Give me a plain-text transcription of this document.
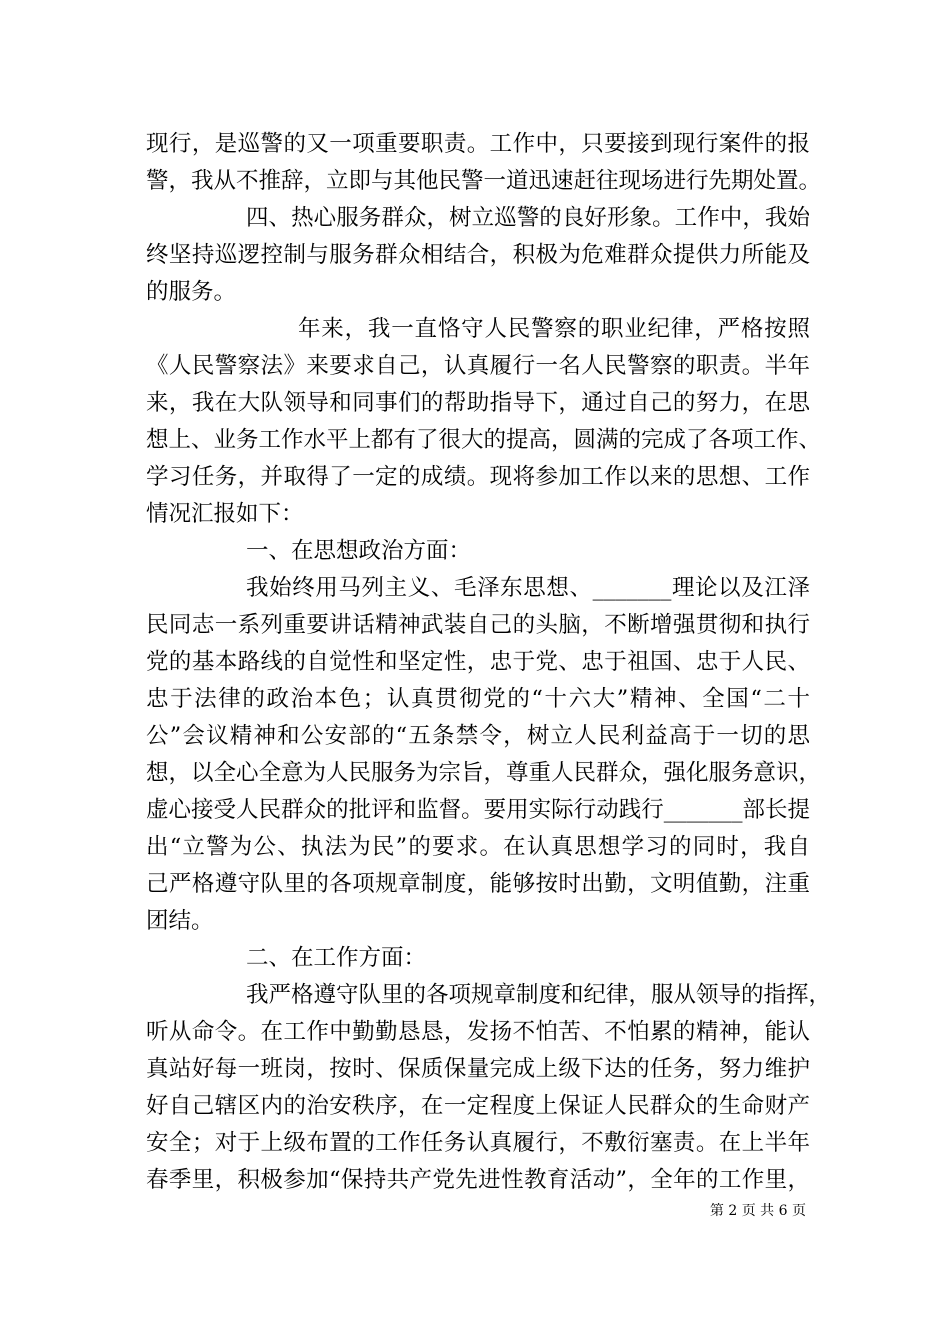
现行，是巡警的又一项重要职责。工作中，只要接到现行案件的报
警，我从不推辞，立即与其他民警一道迅速赶往现场进行先期处置。
四、热心服务群众，树立巡警的良好形象。工作中，我始
终坚持巡逻控制与服务群众相结合，积极为危难群众提供力所能及
的服务。
年来，我一直恪守人民警察的职业纪律，严格按照
《人民警察法》来要求自己，认真履行一名人民警察的职责。半年
来，我在大队领导和同事们的帮助指导下，通过自己的努力，在思
想上、业务工作水平上都有了很大的提高，圆满的完成了各项工作、
学习任务，并取得了一定的成绩。现将参加工作以来的思想、工作
情况汇报如下：
一、在思想政治方面：
我始终用马列主义、毛泽东思想、_______理论以及江泽
民同志一系列重要讲话精神武装自己的头脑，不断增强贯彻和执行
党的基本路线的自觉性和坚定性，忠于党、忠于祖国、忠于人民、
忠于法律的政治本色；认真贯彻党的“十六大”精神、全国“二十
公”会议精神和公安部的“五条禁令，树立人民利益高于一切的思
想，以全心全意为人民服务为宗旨，尊重人民群众，强化服务意识，
虚心接受人民群众的批评和监督。要用实际行动践行_______部长提
出“立警为公、执法为民”的要求。在认真思想学习的同时，我自
己严格遵守队里的各项规章制度，能够按时出勤，文明值勤，注重
团结。
二、在工作方面：
我严格遵守队里的各项规章制度和纪律，服从领导的指挥，
听从命令。在工作中勤勤恳恳，发扬不怕苦、不怕累的精神，能认
真站好每一班岗，按时、保质保量完成上级下达的任务，努力维护
好自己辖区内的治安秩序，在一定程度上保证人民群众的生命财产
安全；对于上级布置的工作任务认真履行，不敷衍塞责。在上半年
春季里，积极参加“保持共产党先进性教育活动”，全年的工作里，
第 2 页 共 6 页
